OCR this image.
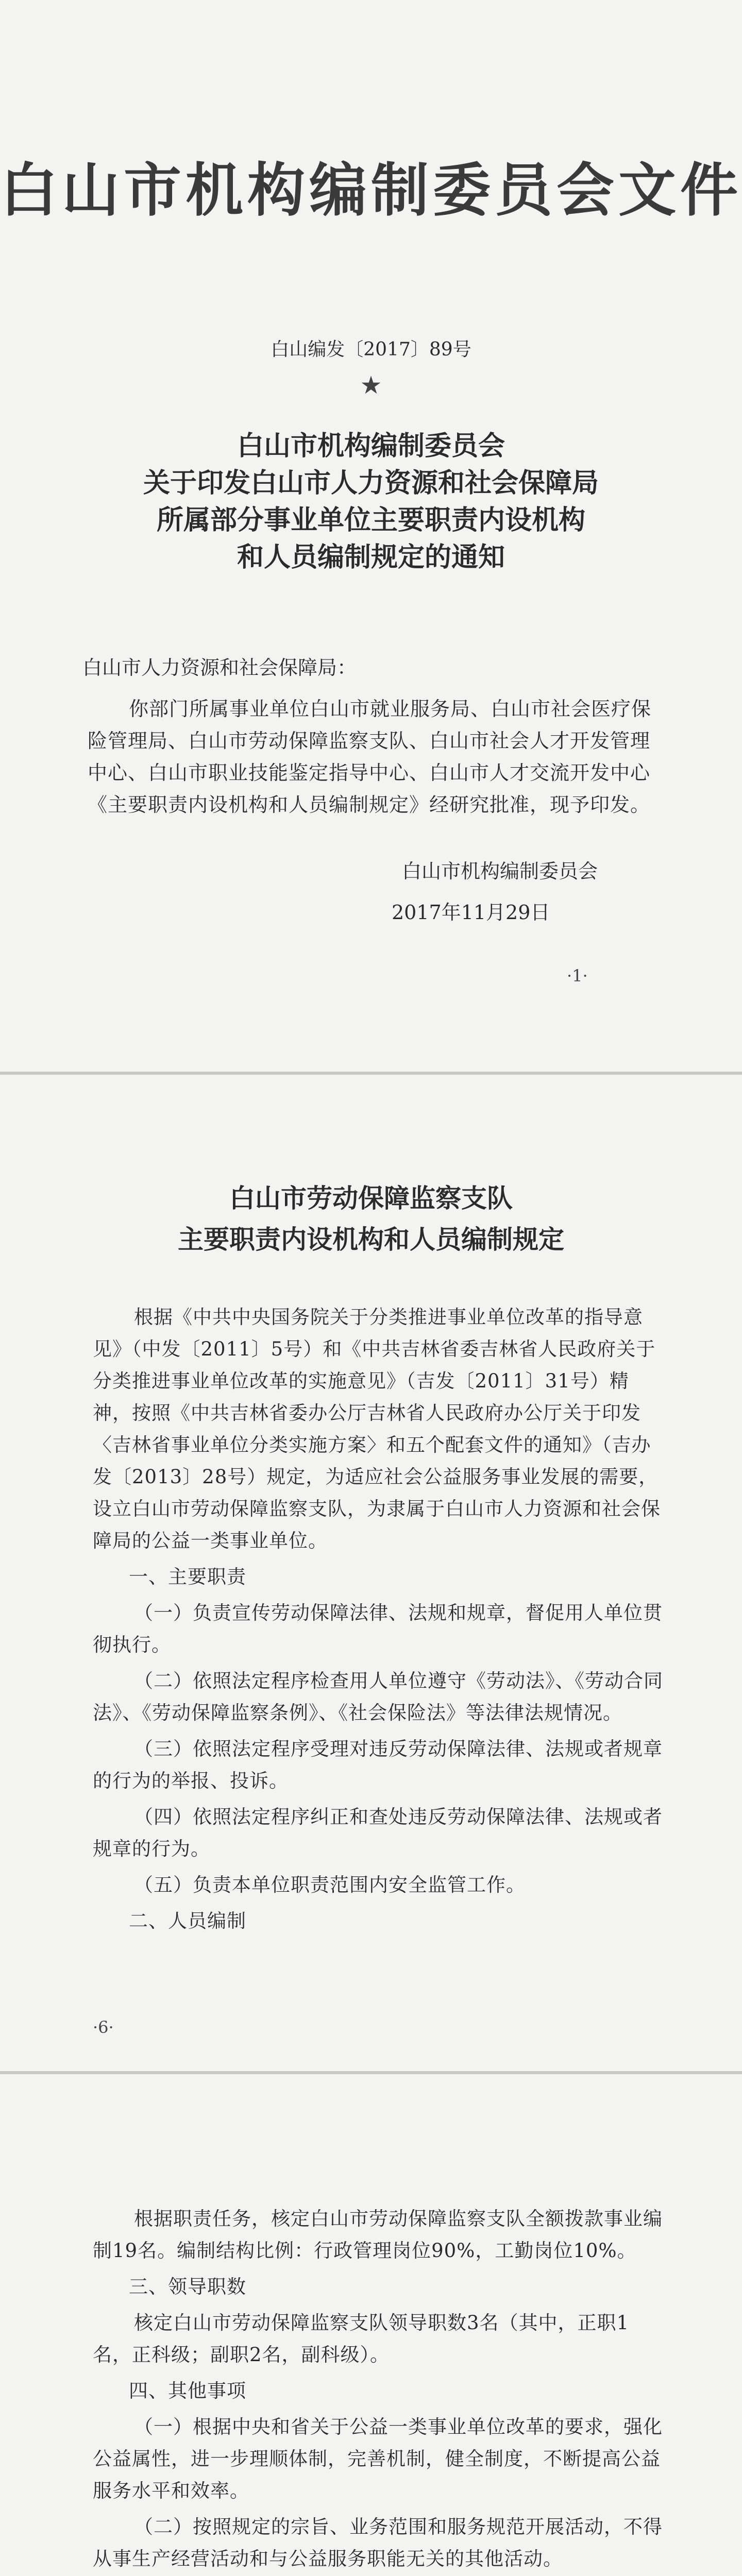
白山市机构编制委员会文件
白山编发〔2017〕89号
★
白山市机构编制委员会
关于印发白山市人力资源和社会保障局
所属部分事业单位主要职责内设机构
和人员编制规定的通知
白山市人力资源和社会保障局：
你部门所属事业单位白山市就业服务局、白山市社会医疗保险管理局、白山市劳动保障监察支队、白山市社会人才开发管理中心、白山市职业技能鉴定指导中心、白山市人才交流开发中心《主要职责内设机构和人员编制规定》经研究批准，现予印发。
白山市机构编制委员会
2017年11月29日
·1·
白山市劳动保障监察支队
主要职责内设机构和人员编制规定

根据《中共中央国务院关于分类推进事业单位改革的指导意见》（中发〔2011〕5号）和《中共吉林省委吉林省人民政府关于分类推进事业单位改革的实施意见》（吉发〔2011〕31号）精神，按照《中共吉林省委办公厅吉林省人民政府办公厅关于印发〈吉林省事业单位分类实施方案〉和五个配套文件的通知》（吉办发〔2013〕28号）规定，为适应社会公益服务事业发展的需要，设立白山市劳动保障监察支队，为隶属于白山市人力资源和社会保障局的公益一类事业单位。

一、主要职责

（一）负责宣传劳动保障法律、法规和规章，督促用人单位贯彻执行。

（二）依照法定程序检查用人单位遵守《劳动法》、《劳动合同法》、《劳动保障监察条例》、《社会保险法》等法律法规情况。

（三）依照法定程序受理对违反劳动保障法律、法规或者规章的行为的举报、投诉。

（四）依照法定程序纠正和查处违反劳动保障法律、法规或者规章的行为。

（五）负责本单位职责范围内安全监管工作。

二、人员编制

·6·

根据职责任务，核定白山市劳动保障监察支队全额拨款事业编制19名。编制结构比例：行政管理岗位90%，工勤岗位10%。

三、领导职数

核定白山市劳动保障监察支队领导职数3名（其中，正职1名，正科级；副职2名，副科级）。

四、其他事项

（一）根据中央和省关于公益一类事业单位改革的要求，强化公益属性，进一步理顺体制，完善机制，健全制度，不断提高公益服务水平和效率。

（二）按照规定的宗旨、业务范围和服务规范开展活动，不得从事生产经营活动和与公益服务职能无关的其他活动。
